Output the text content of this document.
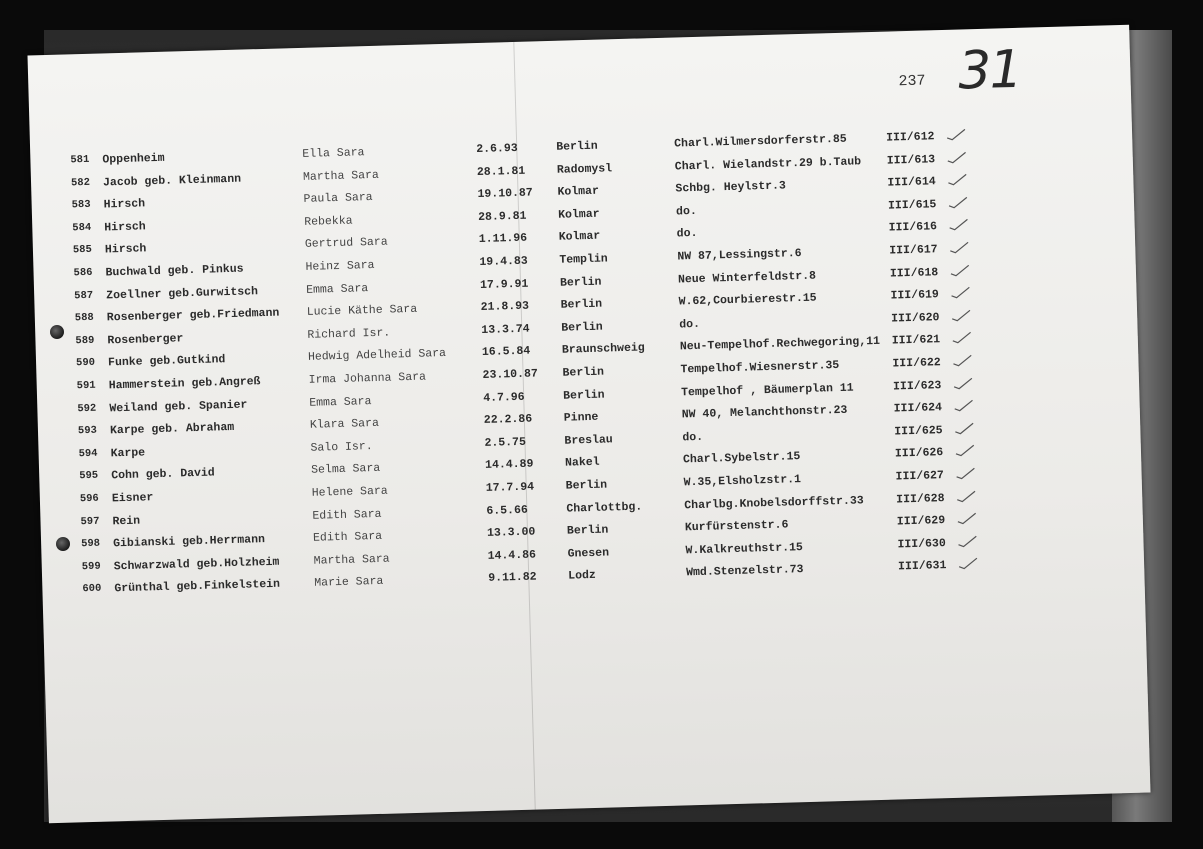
237 31
581	Oppenheim	Ella Sara	2.6.93	Berlin	Charl.Wilmersdorferstr.85	III/612
582	Jacob geb. Kleinmann	Martha Sara	28.1.81	Radomysl	Charl. Wielandstr.29 b.Taub	III/613
583	Hirsch	Paula Sara	19.10.87	Kolmar	Schbg. Heylstr.3	III/614
584	Hirsch	Rebekka	28.9.81	Kolmar	do.	III/615
585	Hirsch	Gertrud Sara	1.11.96	Kolmar	do.	III/616
586	Buchwald geb. Pinkus	Heinz Sara	19.4.83	Templin	NW 87,Lessingstr.6	III/617
587	Zoellner geb.Gurwitsch	Emma Sara	17.9.91	Berlin	Neue Winterfeldstr.8	III/618
588	Rosenberger geb.Friedmann	Lucie Käthe Sara	21.8.93	Berlin	W.62,Courbierestr.15	III/619
589	Rosenberger	Richard Isr.	13.3.74	Berlin	do.	III/620
590	Funke geb.Gutkind	Hedwig Adelheid Sara	16.5.84	Braunschweig	Neu-Tempelhof.Rechwegoring,11 III/621
591	Hammerstein geb.Angreß	Irma Johanna Sara	23.10.87	Berlin	Tempelhof.Wiesnerstr.35	III/622
592	Weiland geb. Spanier	Emma Sara	4.7.96	Berlin	Tempelhof , Bäumerplan 11	III/623
593	Karpe geb. Abraham	Klara Sara	22.2.86	Pinne	NW 40, Melanchthonstr.23	III/624
594	Karpe	Salo Isr.	2.5.75	Breslau	do.	III/625
595	Cohn geb. David	Selma Sara	14.4.89	Nakel	Charl.Sybelstr.15	III/626
596	Eisner	Helene Sara	17.7.94	Berlin	W.35,Elsholzstr.1	III/627
597	Rein	Edith Sara	6.5.66	Charlottbg.	Charlbg.Knobelsdorffstr.33	III/628
598	Gibianski geb.Herrmann	Edith Sara	13.3.00	Berlin	Kurfürstenstr.6	III/629
599	Schwarzwald geb.Holzheim	Martha Sara	14.4.86	Gnesen	W.Kalkreuthstr.15	III/630
600	Grünthal geb.Finkelstein	Marie Sara	9.11.82	Lodz	Wmd.Stenzelstr.73	III/631
